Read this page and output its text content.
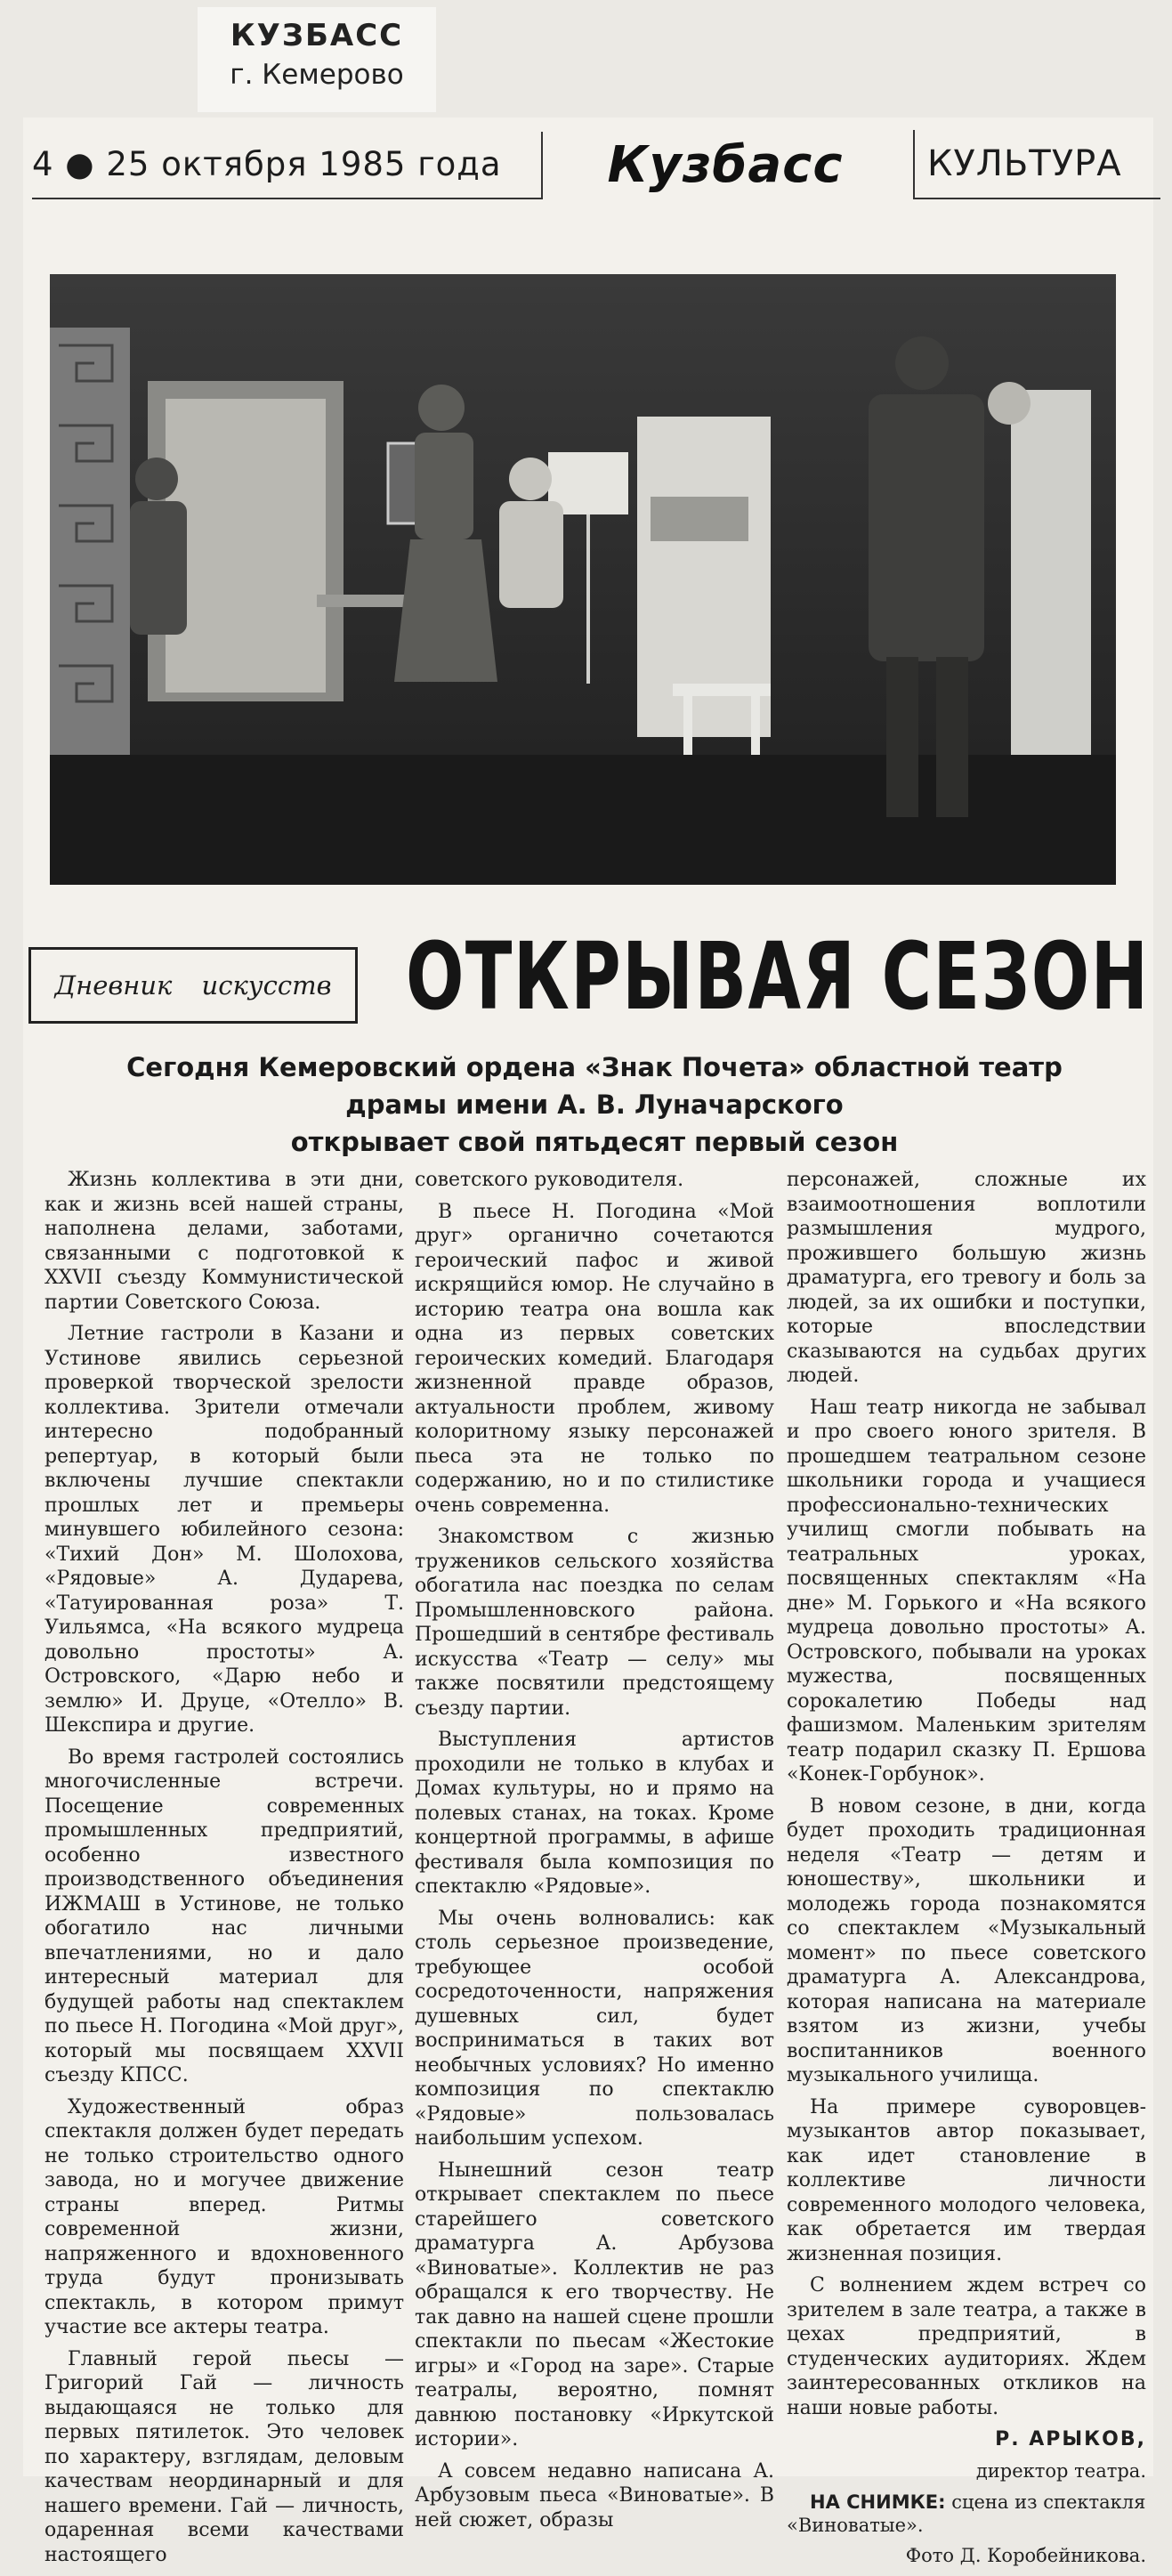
КУЗБАСС
г. Кемерово
4 ● 25 октября 1985 года	Кузбасс	КУЛЬТУРА
Дневник искусств ОТКРЫВАЯ СЕЗОН
Сегодня Кемеровский ордена «Знак Почета» областной театр
драмы имени А. В. Луначарского
открывает свой пятьдесят первый сезон

Жизнь коллектива в эти дни, как и жизнь всей нашей страны, наполнена делами, заботами, связанными с подготовкой к XXVII съезду Коммунистической партии Советского Союза.

Летние гастроли в Казани и Устинове явились серьезной проверкой творческой зрелости коллектива. Зрители отмечали интересно подобранный репертуар, в который были включены лучшие спектакли прошлых лет и премьеры минувшего юбилейного сезона: «Тихий Дон» М. Шолохова, «Рядовые» А. Дударева, «Татуированная роза» Т. Уильямса, «На всякого мудреца довольно простоты» А. Островского, «Дарю небо и землю» И. Друце, «Отелло» В. Шекспира и другие.

Во время гастролей состоялись многочисленные встречи. Посещение современных промышленных предприятий, особенно известного производственного объединения ИЖМАШ в Устинове, не только обогатило нас личными впечатлениями, но и дало интересный материал для будущей работы над спектаклем по пьесе Н. Погодина «Мой друг», который мы посвящаем XXVII съезду КПСС.

Художественный образ спектакля должен будет передать не только строительство одного завода, но и могучее движение страны вперед. Ритмы современной жизни, напряженного и вдохновенного труда будут пронизывать спектакль, в котором примут участие все актеры театра.

Главный герой пьесы — Григорий Гай — личность выдающаяся не только для первых пятилеток. Это человек по характеру, взглядам, деловым качествам неординарный и для нашего времени. Гай — личность, одаренная всеми качествами настоящего

советского руководителя.

В пьесе Н. Погодина «Мой друг» органично сочетаются героический пафос и живой искрящийся юмор. Не случайно в историю театра она вошла как одна из первых советских героических комедий. Благодаря жизненной правде образов, актуальности проблем, живому колоритному языку персонажей пьеса эта не только по содержанию, но и по стилистике очень современна.

Знакомством с жизнью тружеников сельского хозяйства обогатила нас поездка по селам Промышленновского района. Прошедший в сентябре фестиваль искусства «Театр — селу» мы также посвятили предстоящему съезду партии.

Выступления артистов проходили не только в клубах и Домах культуры, но и прямо на полевых станах, на токах. Кроме концертной программы, в афише фестиваля была композиция по спектаклю «Рядовые».

Мы очень волновались: как столь серьезное произведение, требующее особой сосредоточенности, напряжения душевных сил, будет восприниматься в таких вот необычных условиях? Но именно композиция по спектаклю «Рядовые» пользовалась наибольшим успехом.

Нынешний сезон театр открывает спектаклем по пьесе старейшего советского драматурга А. Арбузова «Виноватые». Коллектив не раз обращался к его творчеству. Не так давно на нашей сцене прошли спектакли по пьесам «Жестокие игры» и «Город на заре». Старые театралы, вероятно, помнят давнюю постановку «Иркутской истории».

А совсем недавно написана А. Арбузовым пьеса «Виноватые». В ней сюжет, образы

персонажей, сложные их взаимоотношения воплотили размышления мудрого, прожившего большую жизнь драматурга, его тревогу и боль за людей, за их ошибки и поступки, которые впоследствии сказываются на судьбах других людей.

Наш театр никогда не забывал и про своего юного зрителя. В прошедшем театральном сезоне школьники города и учащиеся профессионально-технических училищ смогли побывать на театральных уроках, посвященных спектаклям «На дне» М. Горького и «На всякого мудреца довольно простоты» А. Островского, побывали на уроках мужества, посвященных сорокалетию Победы над фашизмом. Маленьким зрителям театр подарил сказку П. Ершова «Конек-Горбунок».

В новом сезоне, в дни, когда будет проходить традиционная неделя «Театр — детям и юношеству», школьники и молодежь города познакомятся со спектаклем «Музыкальный момент» по пьесе советского драматурга А. Александрова, которая написана на материале взятом из жизни, учебы воспитанников военного музыкального училища.

На примере суворовцев-музыкантов автор показывает, как идет становление в коллективе личности современного молодого человека, как обретается им твердая жизненная позиция.

С волнением ждем встреч со зрителем в зале театра, а также в цехах предприятий, в студенческих аудиториях. Ждем заинтересованных откликов на наши новые работы.

Р. АРЫКОВ,

директор театра.

НА СНИМКЕ: сцена из спектакля «Виноватые».

Фото Д. Коробейникова.
